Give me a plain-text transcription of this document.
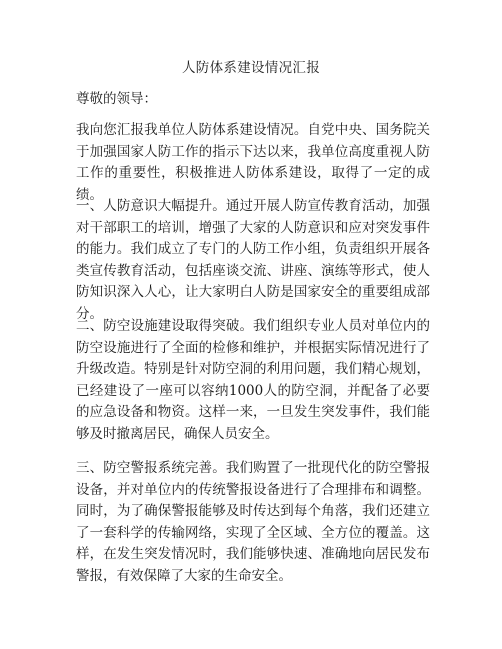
人防体系建设情况汇报
尊敬的领导：

我向您汇报我单位人防体系建设情况。自党中央、国务院关于加强国家人防工作的指示下达以来，我单位高度重视人防工作的重要性，积极推进人防体系建设，取得了一定的成绩。

一、人防意识大幅提升。通过开展人防宣传教育活动，加强对干部职工的培训，增强了大家的人防意识和应对突发事件的能力。我们成立了专门的人防工作小组，负责组织开展各类宣传教育活动，包括座谈交流、讲座、演练等形式，使人防知识深入人心，让大家明白人防是国家安全的重要组成部分。

二、防空设施建设取得突破。我们组织专业人员对单位内的防空设施进行了全面的检修和维护，并根据实际情况进行了升级改造。特别是针对防空洞的利用问题，我们精心规划，已经建设了一座可以容纳1000人的防空洞，并配备了必要的应急设备和物资。这样一来，一旦发生突发事件，我们能够及时撤离居民，确保人员安全。

三、防空警报系统完善。我们购置了一批现代化的防空警报设备，并对单位内的传统警报设备进行了合理排布和调整。同时，为了确保警报能够及时传达到每个角落，我们还建立了一套科学的传输网络，实现了全区域、全方位的覆盖。这样，在发生突发情况时，我们能够快速、准确地向居民发布警报，有效保障了大家的生命安全。
